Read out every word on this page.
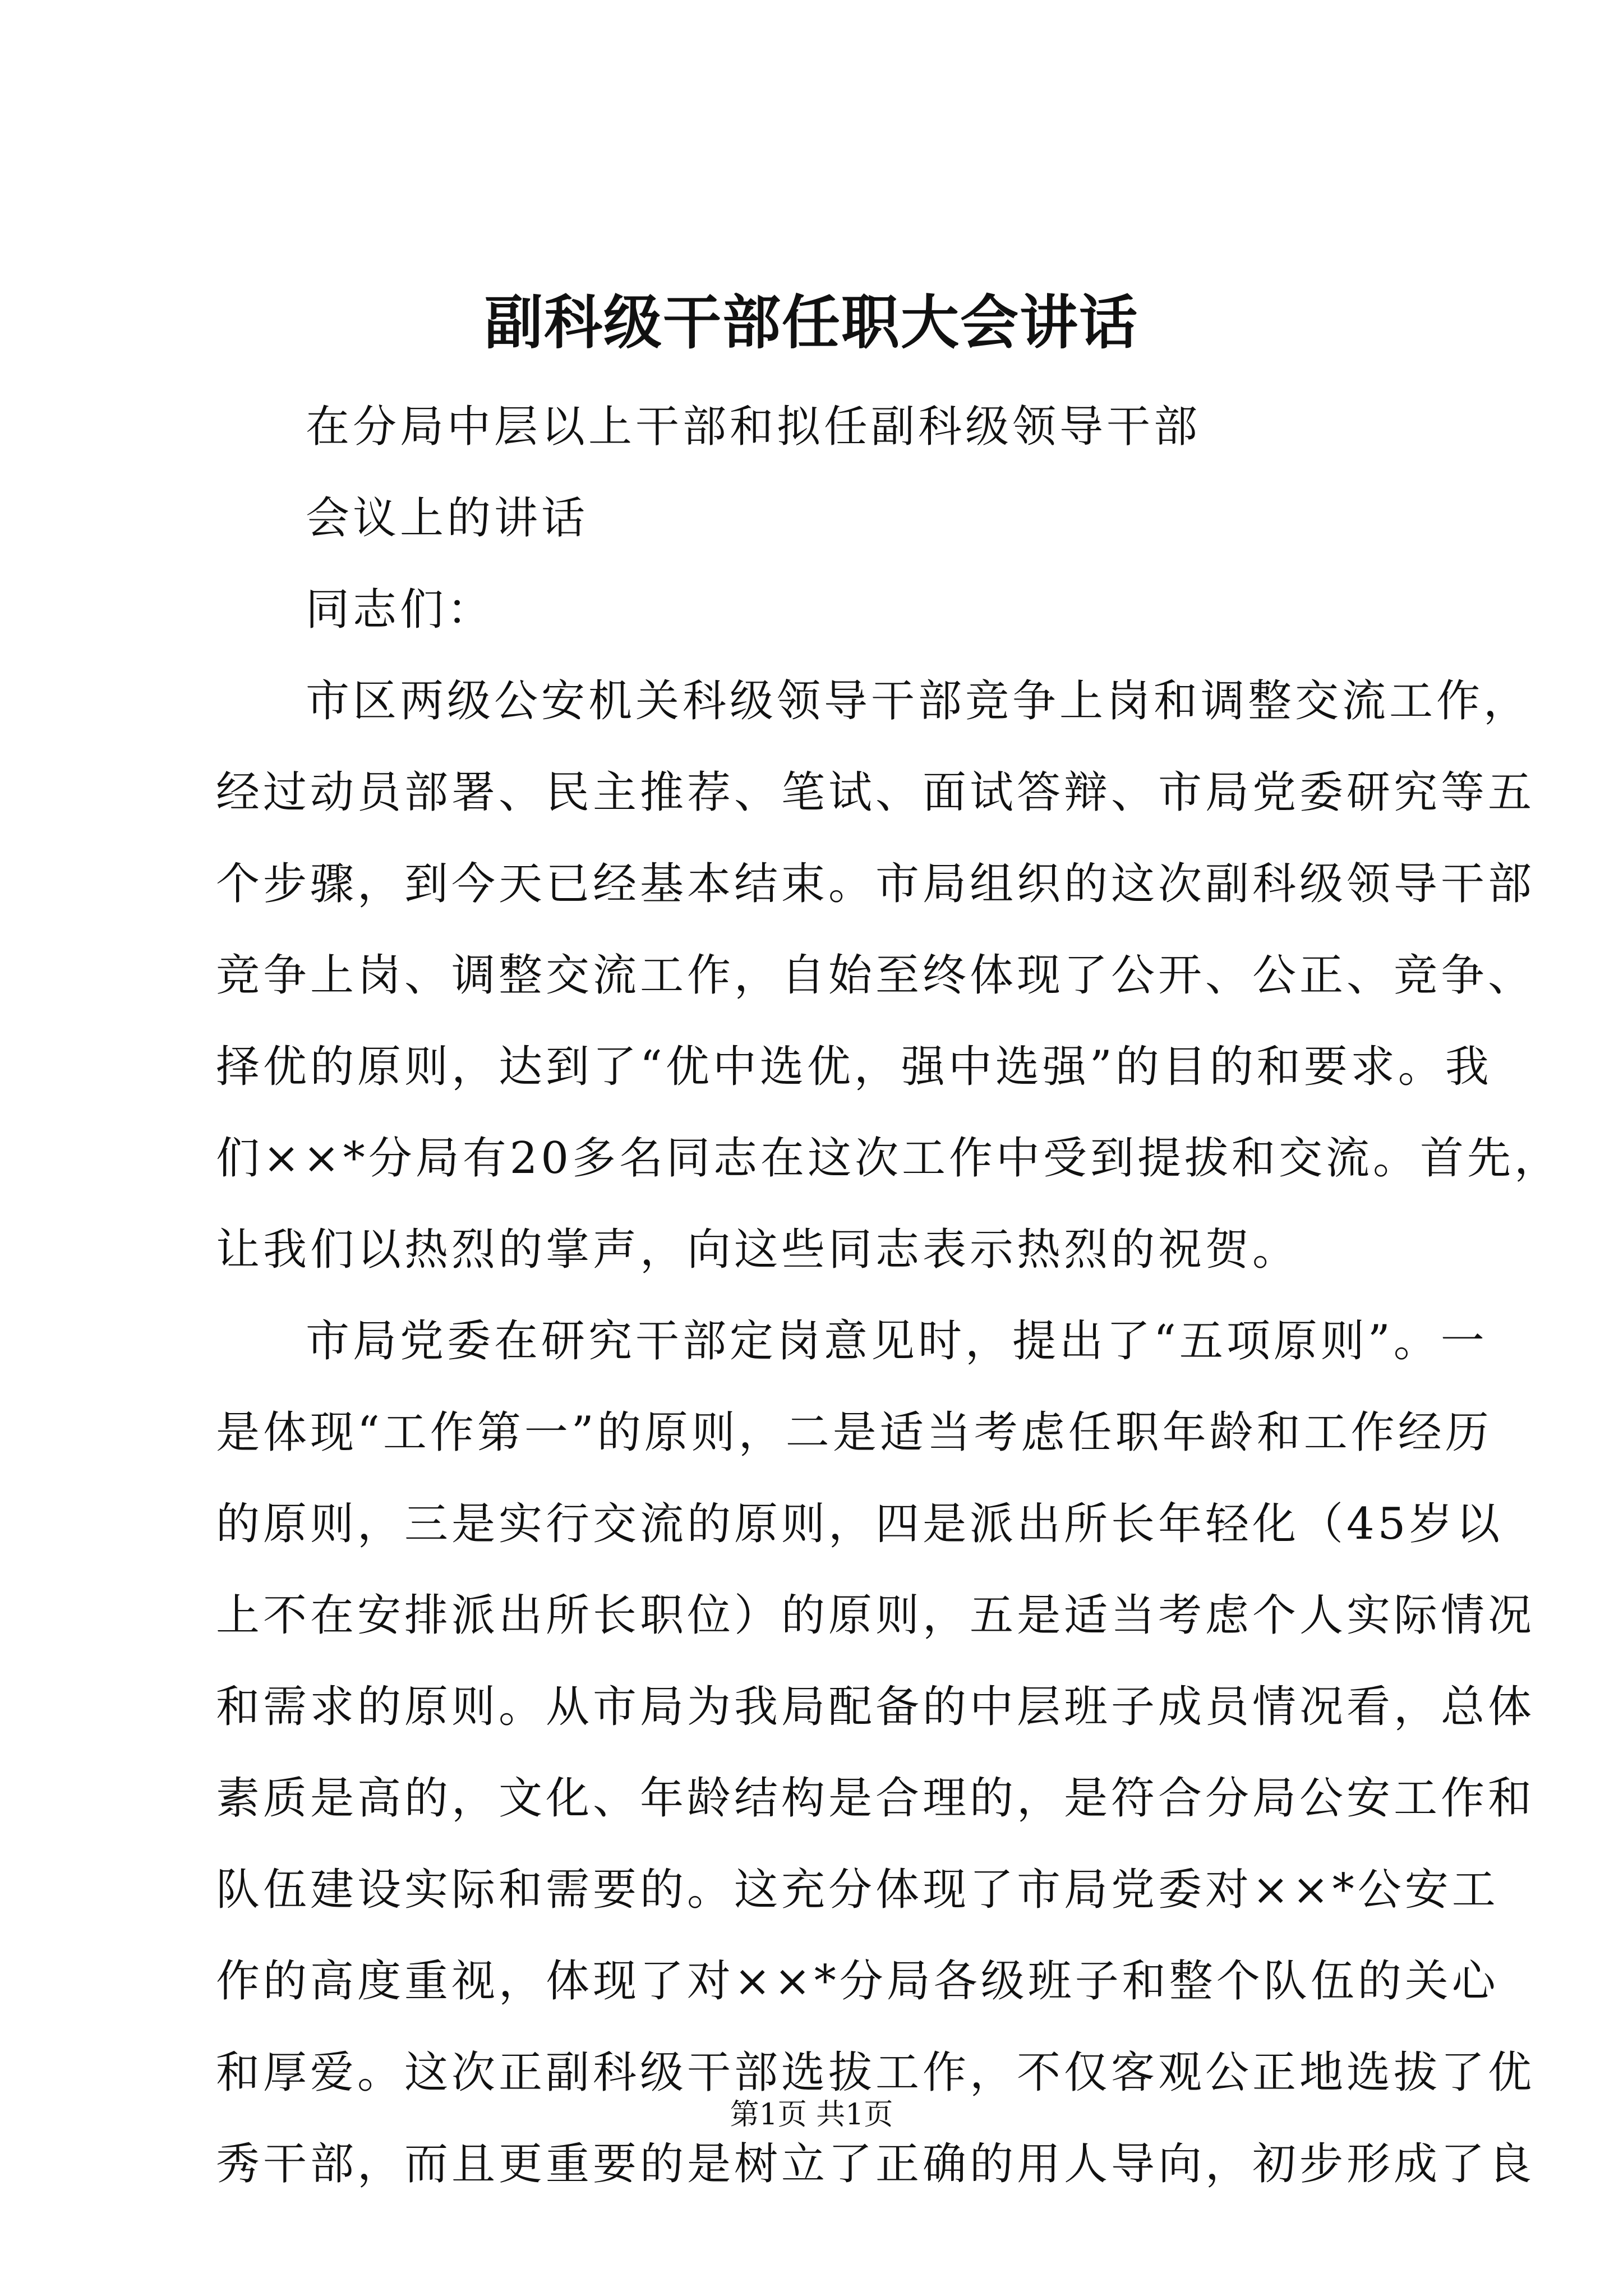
副科级干部任职大会讲话
在分局中层以上干部和拟任副科级领导干部
会议上的讲话
同志们：
市区两级公安机关科级领导干部竞争上岗和调整交流工作，
经过动员部署、民主推荐、笔试、面试答辩、市局党委研究等五
个步骤，到今天已经基本结束。市局组织的这次副科级领导干部
竞争上岗、调整交流工作，自始至终体现了公开、公正、竞争、
择优的原则，达到了“优中选优，强中选强”的目的和要求。我
们××*分局有20多名同志在这次工作中受到提拔和交流。首先，
让我们以热烈的掌声，向这些同志表示热烈的祝贺。
市局党委在研究干部定岗意见时，提出了“五项原则”。一
是体现“工作第一”的原则，二是适当考虑任职年龄和工作经历
的原则，三是实行交流的原则，四是派出所长年轻化（45岁以
上不在安排派出所长职位）的原则，五是适当考虑个人实际情况
和需求的原则。从市局为我局配备的中层班子成员情况看，总体
素质是高的，文化、年龄结构是合理的，是符合分局公安工作和
队伍建设实际和需要的。这充分体现了市局党委对××*公安工
作的高度重视，体现了对××*分局各级班子和整个队伍的关心
和厚爱。这次正副科级干部选拔工作，不仅客观公正地选拔了优
秀干部，而且更重要的是树立了正确的用人导向，初步形成了良
第1页 共1页
